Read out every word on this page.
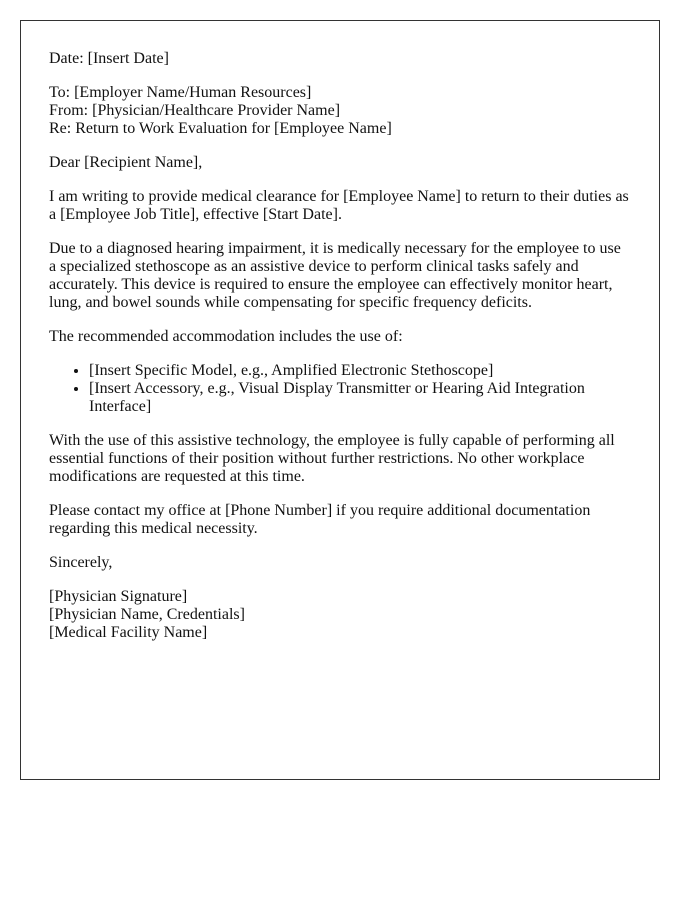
Date: [Insert Date]

To: [Employer Name/Human Resources]
From: [Physician/Healthcare Provider Name]
Re: Return to Work Evaluation for [Employee Name]

Dear [Recipient Name],

I am writing to provide medical clearance for [Employee Name] to return to their duties as a [Employee Job Title], effective [Start Date].

Due to a diagnosed hearing impairment, it is medically necessary for the employee to use a specialized stethoscope as an assistive device to perform clinical tasks safely and accurately. This device is required to ensure the employee can effectively monitor heart, lung, and bowel sounds while compensating for specific frequency deficits.

The recommended accommodation includes the use of:

• [Insert Specific Model, e.g., Amplified Electronic Stethoscope]
• [Insert Accessory, e.g., Visual Display Transmitter or Hearing Aid Integration Interface]

With the use of this assistive technology, the employee is fully capable of performing all essential functions of their position without further restrictions. No other workplace modifications are requested at this time.

Please contact my office at [Phone Number] if you require additional documentation regarding this medical necessity.

Sincerely,

[Physician Signature]
[Physician Name, Credentials]
[Medical Facility Name]
